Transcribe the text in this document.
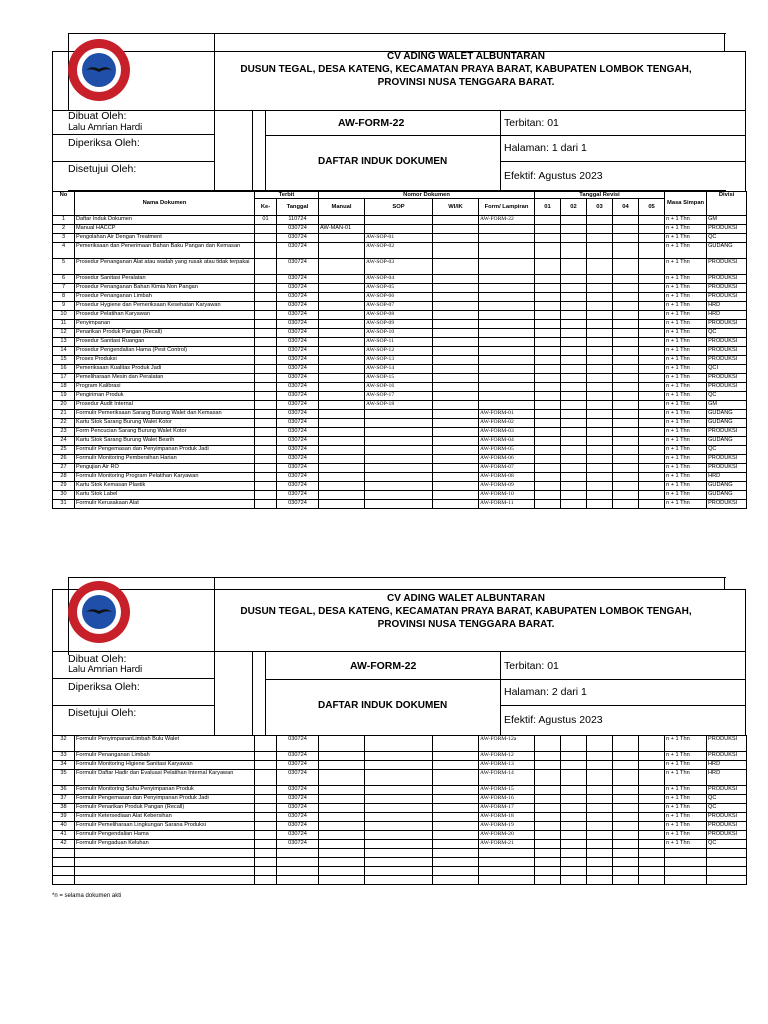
CV ADING WALET ALBUNTARAN
DUSUN TEGAL, DESA KATENG, KECAMATAN PRAYA BARAT, KABUPATEN LOMBOK TENGAH,
PROVINSI NUSA TENGGARA BARAT.
Dibuat Oleh:
Lalu Amrian Hardi
Diperiksa Oleh:
Disetujui Oleh:
AW-FORM-22
DAFTAR INDUK DOKUMEN
Terbitan: 01
Halaman: 1 dari 1
Efektif: Agustus 2023
No	Nama Dokumen	Terbit		Nomor Dokumen				Tanggal Revisi					Masa Simpan	Divisi
		Ke-	Tanggal	Manual	SOP	WI/IK	Form/ Lampiran	01	02	03	04	05		
1	Daftar Induk Dokumen	01	110724				AW-FORM-22						n + 1 Thn	GM
2	Manual HACCP		030724	AW-MAN-01									n + 1 Thn	PRODUKSI
3	Pengolahan Air Dengan Treatment		030724		AW-SOP-01								n + 1 Thn	QC
4	Pemeriksaan dan Penerimaan Bahan Baku Pangan dan Kemasan		030724		AW-SOP-02								n + 1 Thn	GUDANG
5	Prosedur Penanganan Alat atau wadah yang rusak atau tidak terpakai		030724		AW-SOP-03								n + 1 Thn	PRODUKSI
6	Prosedur Sanitasi Peralatan		030724		AW-SOP-04								n + 1 Thn	PRODUKSI
7	Prosedur Penanganan Bahan Kimia Non Pangan		030724		AW-SOP-05								n + 1 Thn	PRODUKSI
8	Prosedur Penanganan Limbah		030724		AW-SOP-06								n + 1 Thn	PRODUKSI
9	Prosedur Hygiene dan Pemeriksaan Kesehatan Karyawan		030724		AW-SOP-07								n + 1 Thn	HRD
10	Prosedur Pelatihan Karyawan		030724		AW-SOP-08								n + 1 Thn	HRD
11	Penyimpanan		030724		AW-SOP-09								n + 1 Thn	PRODUKSI
12	Penarikan Produk Pangan (Recall)		030724		AW-SOP-10								n + 1 Thn	QC
13	Prosedur Sanitasi Ruangan		030724		AW-SOP-11								n + 1 Thn	PRODUKSI
14	Prosedur Pengendalian Hama (Pest Control)		030724		AW-SOP-12								n + 1 Thn	PRODUKSI
15	Proses Produksi		030724		AW-SOP-13								n + 1 Thn	PRODUKSI
16	Pemeriksaan Kualitas Produk Jadi		030724		AW-SOP-14								n + 1 Thn	QCI
17	Pemeliharaan Mesin dan Peralatan		030724		AW-SOP-15								n + 1 Thn	PRODUKSI
18	Program Kalibrasi		030724		AW-SOP-16								n + 1 Thn	PRODUKSI
19	Pengiriman Produk		030724		AW-SOP-17								n + 1 Thn	QC
20	Prosedur Audit Internal		030724		AW-SOP-18								n + 1 Thn	GM
21	Formulir Pemeriksaan Sarang Burung Walet dan Kemasan		030724				AW-FORM-01						n + 1 Thn	GUDANG
22	Kartu Stok Sarang Burung Walet Kotor		030724				AW-FORM-02						n + 1 Thn	GUDANG
23	Form Pencucian Sarang Burung Walet Kotor		030724				AW-FORM-03						n + 1 Thn	PRODUKSI
24	Kartu Stok Sarang Burung Walet Besrih		030724				AW-FORM-04						n + 1 Thn	GUDANG
25	Formulir Pengemasan dan Penyimpanan Produk Jadi		030724				AW-FORM-05						n + 1 Thn	QC
26	Formulir Monitoring Pembersihan Harian		030724				AW-FORM-06						n + 1 Thn	PRODUKSI
27	Pengujian Air RO		030724				AW-FORM-07						n + 1 Thn	PRODUKSI
28	Formulir Monitoring Program Pelatihan Karyawan		030724				AW-FORM-08						n + 1 Thn	HRD
29	Kartu Stok Kemasan Plastik		030724				AW-FORM-09						n + 1 Thn	GUDANG
30	Kartu Stok Label		030724				AW-FORM-10						n + 1 Thn	GUDANG
31	Formulir Kerusakaan Alat		030724				AW-FORM-11						n + 1 Thn	PRODUKSI
CV ADING WALET ALBUNTARAN
DUSUN TEGAL, DESA KATENG, KECAMATAN PRAYA BARAT, KABUPATEN LOMBOK TENGAH,
PROVINSI NUSA TENGGARA BARAT.
Dibuat Oleh:
Lalu Amrian Hardi
Diperiksa Oleh:
Disetujui Oleh:
AW-FORM-22
DAFTAR INDUK DOKUMEN
Terbitan: 01
Halaman: 2 dari 1
Efektif: Agustus 2023
32	Formulir PenyimpananLimbah Bulu Walet		030724				AW-FORM-12a						n + 1 Thn	PRODUKSI
33	Formulir Penanganan Limbah		030724				AW-FORM-12						n + 1 Thn	PRODUKSI
34	Formulir Monitoring Higiene Sanitasi Karyawan		030724				AW-FORM-13						n + 1 Thn	HRD
35	Formulir Daftar Hadir dan Evaluasi Pelatihan Internal Karyawan		030724				AW-FORM-14						n + 1 Thn	HRD
36	Formulir Monitoring Suhu Penyimpanan Produk		030724				AW-FORM-15						n + 1 Thn	PRODUKSI
37	Formulir Pengemasan dan Penyimpanan Produk Jadi		030724				AW-FORM-16						n + 1 Thn	QC
38	Formulir Penarikan Produk Pangan (Recall)		030724				AW-FORM-17						n + 1 Thn	QC
39	Formulir Ketersediaan Alat Kebersihan		030724				AW-FORM-18						n + 1 Thn	PRODUKSI
40	Formulir Pemeliharaan Lingkungan Sarana Produksi		030724				AW-FORM-19						n + 1 Thn	PRODUKSI
41	Formulir Pengendalian Hama		030724				AW-FORM-20						n + 1 Thn	PRODUKSI
42	Formulir Pengaduan Keluhan		030724				AW-FORM-21						n + 1 Thn	QC

*n = selama dokumen akti
